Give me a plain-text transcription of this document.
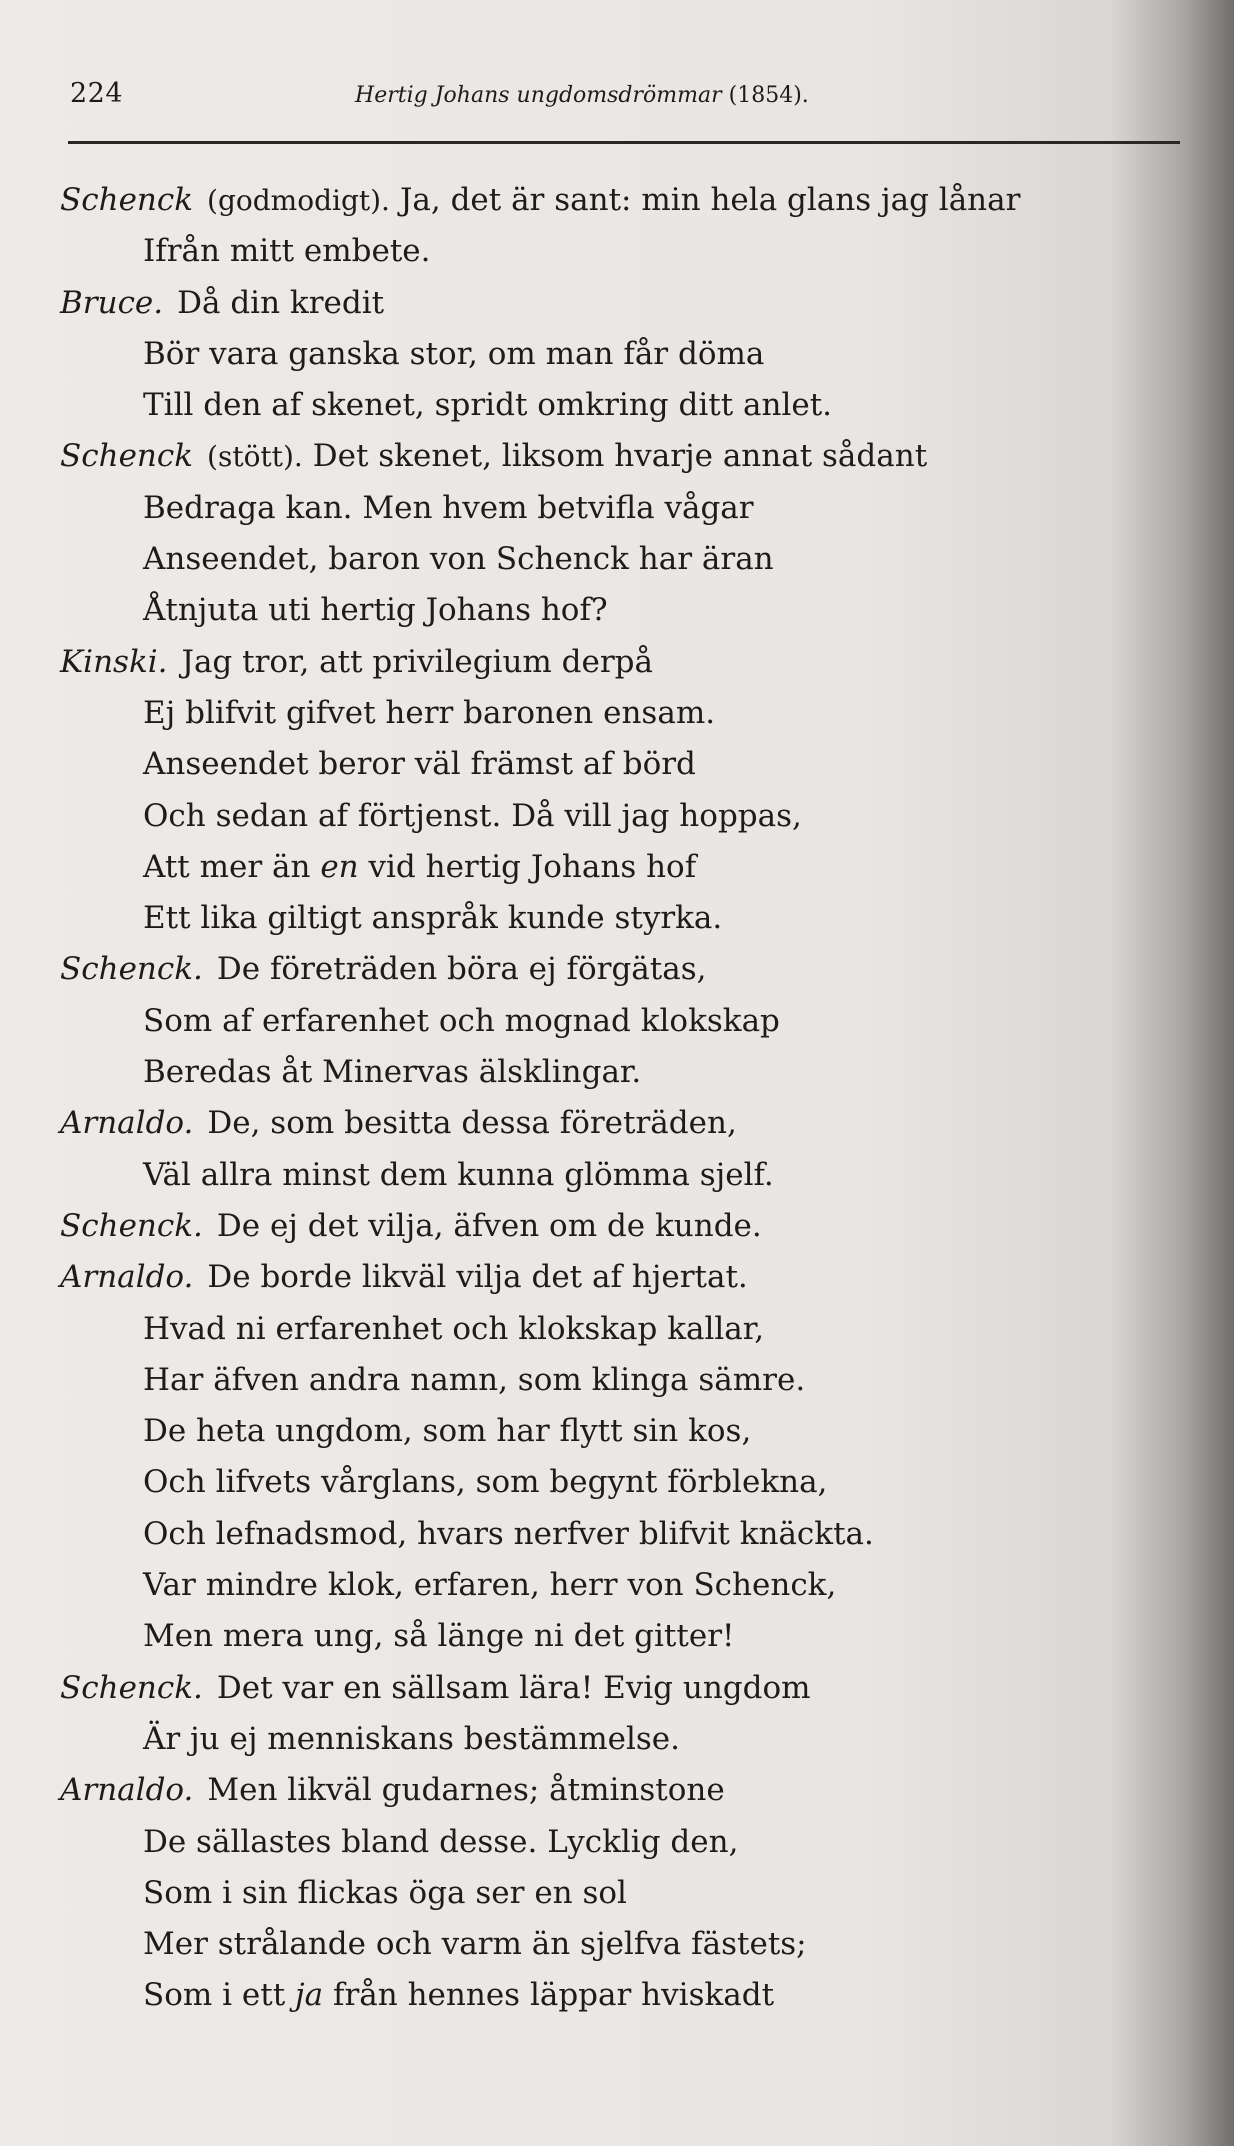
224	Hertig Johans ungdomsdrömmar (1854).
Schenck (godmodigt). Ja, det är sant: min hela glans jag lånar
Ifrån mitt embete.
Bruce. Då din kredit
Bör vara ganska stor, om man får döma
Till den af skenet, spridt omkring ditt anlet.
Schenck (stött). Det skenet, liksom hvarje annat sådant
Bedraga kan. Men hvem betvifla vågar
Anseendet, baron von Schenck har äran
Åtnjuta uti hertig Johans hof?
Kinski. Jag tror, att privilegium derpå
Ej blifvit gifvet herr baronen ensam.
Anseendet beror väl främst af börd
Och sedan af förtjenst. Då vill jag hoppas,
Att mer än en vid hertig Johans hof
Ett lika giltigt anspråk kunde styrka.
Schenck. De företräden böra ej förgätas,
Som af erfarenhet och mognad klokskap
Beredas åt Minervas älsklingar.
Arnaldo. De, som besitta dessa företräden,
Väl allra minst dem kunna glömma sjelf.
Schenck. De ej det vilja, äfven om de kunde.
Arnaldo. De borde likväl vilja det af hjertat.
Hvad ni erfarenhet och klokskap kallar,
Har äfven andra namn, som klinga sämre.
De heta ungdom, som har flytt sin kos,
Och lifvets vårglans, som begynt förblekna,
Och lefnadsmod, hvars nerfver blifvit knäckta.
Var mindre klok, erfaren, herr von Schenck,
Men mera ung, så länge ni det gitter!
Schenck. Det var en sällsam lära! Evig ungdom
Är ju ej menniskans bestämmelse.
Arnaldo. Men likväl gudarnes; åtminstone
De sällastes bland desse. Lycklig den,
Som i sin flickas öga ser en sol
Mer strålande och varm än sjelfva fästets;
Som i ett ja från hennes läppar hviskadt
